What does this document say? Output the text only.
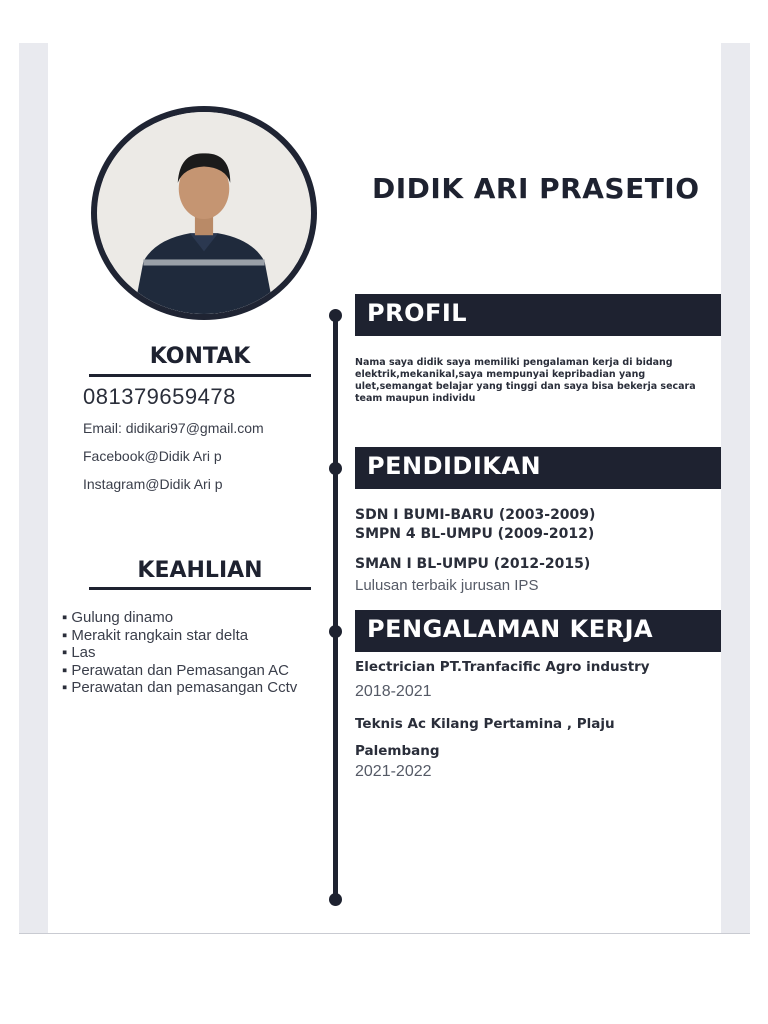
DIDIK ARI PRASETIO
KONTAK
081379659478
Email: didikari97@gmail.com
Facebook@Didik Ari p
Instagram@Didik Ari p
KEAHLIAN
▪ Gulung dinamo
▪ Merakit rangkain star delta
▪ Las
▪ Perawatan dan Pemasangan AC
▪ Perawatan dan pemasangan Cctv
PROFIL
Nama saya didik saya memiliki pengalaman kerja di bidang elektrik,mekanikal,saya mempunyai kepribadian yang ulet,semangat belajar yang tinggi dan saya bisa bekerja secara team maupun individu
PENDIDIKAN
SDN I BUMI-BARU (2003-2009)
SMPN 4 BL-UMPU (2009-2012)
SMAN I BL-UMPU (2012-2015)
Lulusan terbaik jurusan IPS
PENGALAMAN KERJA
Electrician PT.Tranfacific Agro industry
2018-2021
Teknis Ac Kilang Pertamina , Plaju
Palembang
2021-2022
